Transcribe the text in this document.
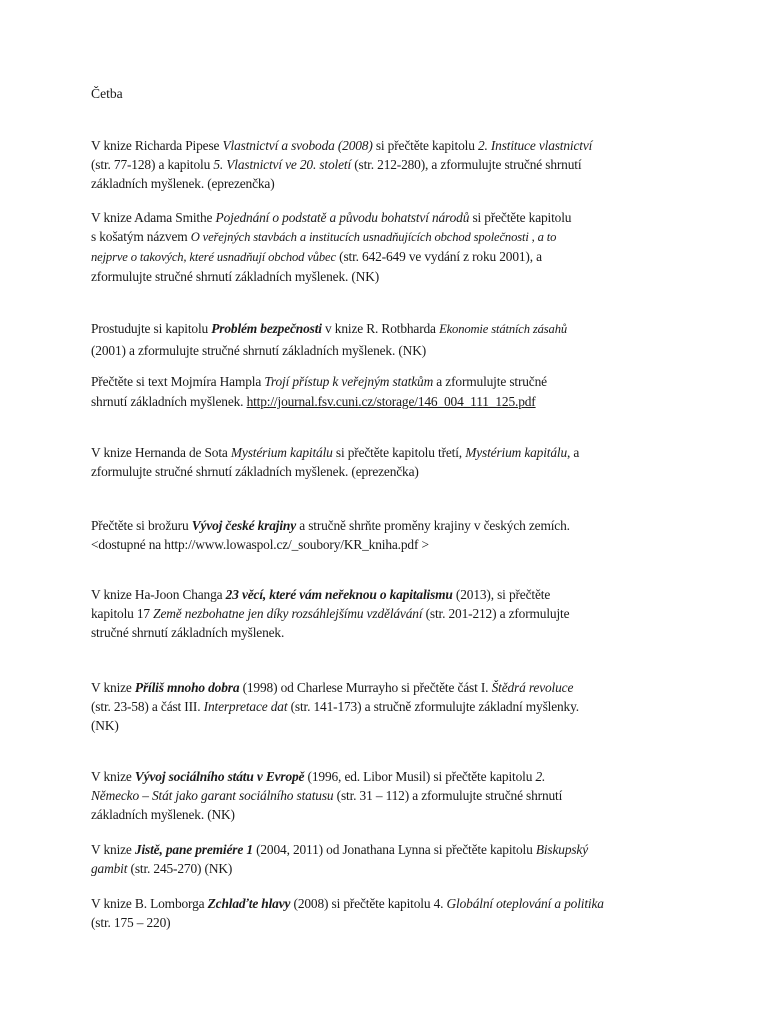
Četba

V knize Richarda Pipese Vlastnictví a svoboda (2008) si přečtěte kapitolu 2. Instituce vlastnictví
(str. 77-128) a kapitolu 5. Vlastnictví ve 20. století (str. 212-280), a zformulujte stručné shrnutí
základních myšlenek. (eprezenčka)

V knize Adama Smithe Pojednání o podstatě a původu bohatství národů si přečtěte kapitolu
s košatým názvem O veřejných stavbách a institucích usnadňujících obchod společnosti , a to
nejprve o takových, které usnadňují obchod vůbec (str. 642-649 ve vydání z roku 2001), a
zformulujte stručné shrnutí základních myšlenek. (NK)

Prostudujte si kapitolu Problém bezpečnosti v knize R. Rotbharda Ekonomie státních zásahů
(2001) a zformulujte stručné shrnutí základních myšlenek. (NK)

Přečtěte si text Mojmíra Hampla Trojí přístup k veřejným statkům a zformulujte stručné
shrnutí základních myšlenek. http://journal.fsv.cuni.cz/storage/146_004_111_125.pdf

V knize Hernanda de Sota Mystérium kapitálu si přečtěte kapitolu třetí, Mystérium kapitálu, a
zformulujte stručné shrnutí základních myšlenek. (eprezenčka)

Přečtěte si brožuru Vývoj české krajiny a stručně shrňte proměny krajiny v českých zemích.
<dostupné na http://www.lowaspol.cz/_soubory/KR_kniha.pdf >

V knize Ha-Joon Changa 23 věcí, které vám neřeknou o kapitalismu (2013), si přečtěte
kapitolu 17 Země nezbohatne jen díky rozsáhlejšímu vzdělávání (str. 201-212) a zformulujte
stručné shrnutí základních myšlenek.

V knize Příliš mnoho dobra (1998) od Charlese Murrayho si přečtěte část I. Štědrá revoluce
(str. 23-58) a část III. Interpretace dat (str. 141-173) a stručně zformulujte základní myšlenky.
(NK)

V knize Vývoj sociálního státu v Evropě (1996, ed. Libor Musil) si přečtěte kapitolu 2.
Německo – Stát jako garant sociálního statusu (str. 31 – 112) a zformulujte stručné shrnutí
základních myšlenek. (NK)

V knize Jistě, pane premiére 1 (2004, 2011) od Jonathana Lynna si přečtěte kapitolu Biskupský
gambit (str. 245-270) (NK)

V knize B. Lomborga Zchlaďte hlavy (2008) si přečtěte kapitolu 4. Globální oteplování a politika
(str. 175 – 220)
